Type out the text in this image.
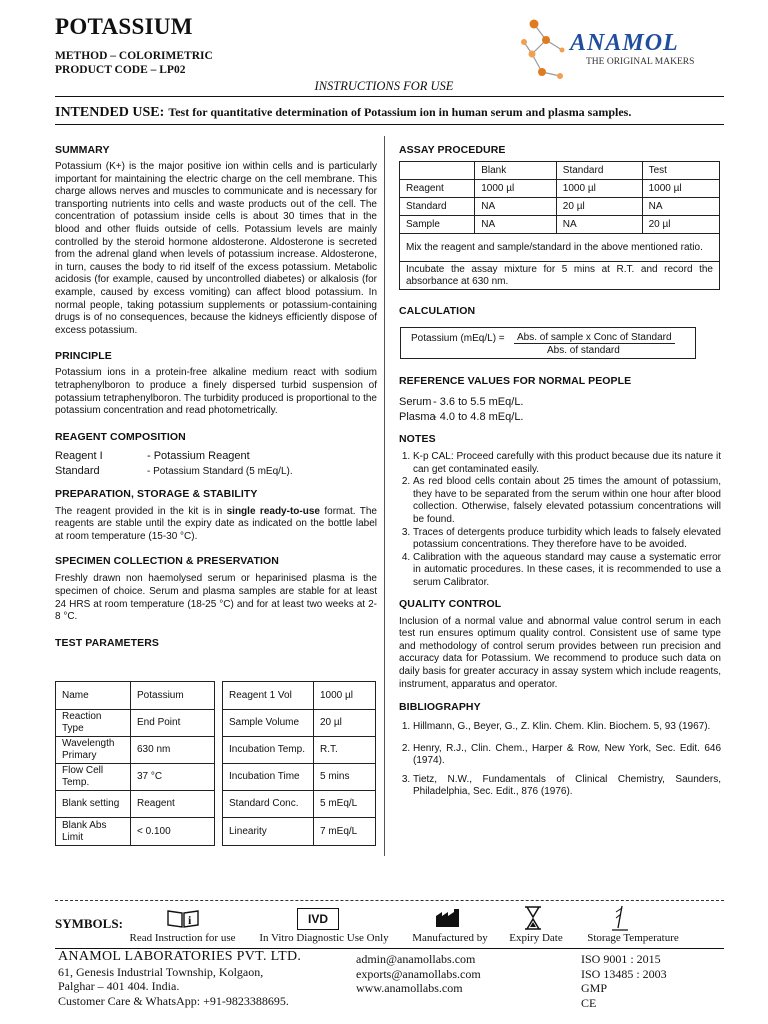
POTASSIUM
METHOD – COLORIMETRIC
PRODUCT CODE – LP02
ANAMOL
THE ORIGINAL MAKERS
INSTRUCTIONS FOR USE
INTENDED USE: Test for quantitative determination of Potassium ion in human serum and plasma samples.
SUMMARY
Potassium (K+) is the major positive ion within cells and is particularly important for maintaining the electric charge on the cell membrane. This charge allows nerves and muscles to communicate and is necessary for transporting nutrients into cells and waste products out of the cell. The concentration of potassium inside cells is about 30 times that in the blood and other fluids outside of cells. Potassium levels are mainly controlled by the steroid hormone aldosterone. Aldosterone is secreted from the adrenal gland when levels of potassium increase. Aldosterone, in turn, causes the body to rid itself of the excess potassium. Metabolic acidosis (for example, caused by uncontrolled diabetes) or alkalosis (for example, caused by excess vomiting) can affect blood potassium. In normal people, taking potassium supplements or potassium-containing drugs is of no consequences, because the kidneys efficiently dispose of excess potassium.
PRINCIPLE
Potassium ions in a protein-free alkaline medium react with sodium tetraphenylboron to produce a finely dispersed turbid suspension of potassium tetraphenylboron. The turbidity produced is proportional to the potassium concentration and read photometrically.
REAGENT COMPOSITION
Reagent I	- Potassium Reagent
Standard	- Potassium Standard (5 mEq/L).
PREPARATION, STORAGE & STABILITY
The reagent provided in the kit is in single ready-to-use format. The reagents are stable until the expiry date as indicated on the bottle label at room temperature (15-30 °C).
SPECIMEN COLLECTION & PRESERVATION
Freshly drawn non haemolysed serum or heparinised plasma is the specimen of choice. Serum and plasma samples are stable for at least 24 HRS at room temperature (18-25 °C) and for at least two weeks at 2-8 °C.
TEST PARAMETERS
Name	Potassium
Reaction Type	End Point
Wavelength Primary	630 nm
Flow Cell Temp.	37 °C
Blank setting	Reagent
Blank Abs Limit	< 0.100
Reagent 1 Vol	1000 µl
Sample Volume	20 µl
Incubation Temp.	R.T.
Incubation Time	5 mins
Standard Conc.	5 mEq/L
Linearity	7 mEq/L
ASSAY PROCEDURE
	Blank	Standard	Test
Reagent	1000 µl	1000 µl	1000 µl
Standard	NA	20 µl	NA
Sample	NA	NA	20 µl
Mix the reagent and sample/standard in the above mentioned ratio.			
Incubate the assay mixture for 5 mins at R.T. and record the absorbance at 630 nm.			
CALCULATION
Potassium (mEq/L) =	Abs. of sample x Conc of Standard
Abs. of standard
REFERENCE VALUES FOR NORMAL PEOPLE
Serum - 3.6 to 5.5 mEq/L.
Plasma- 4.0 to 4.8 mEq/L.
NOTES
1. K-p CAL: Proceed carefully with this product because due its nature it can get contaminated easily.
2. As red blood cells contain about 25 times the amount of potassium, they have to be separated from the serum within one hour after blood collection. Otherwise, falsely elevated potassium concentrations will be found.
3. Traces of detergents produce turbidity which leads to falsely elevated potassium concentrations. They therefore have to be avoided.
4. Calibration with the aqueous standard may cause a systematic error in automatic procedures. In these cases, it is recommended to use a serum Calibrator.
QUALITY CONTROL
Inclusion of a normal value and abnormal value control serum in each test run ensures optimum quality control. Consistent use of same type and methodology of control serum provides between run precision and accuracy data for Potassium. We recommend to produce such data on daily basis for greater accuracy in assay system which include reagents, instrument, apparatus and operator.
BIBLIOGRAPHY
1. Hillmann, G., Beyer, G., Z. Klin. Chem. Klin. Biochem. 5, 93 (1967).
2. Henry, R.J., Clin. Chem., Harper & Row, New York, Sec. Edit. 646 (1974).
3. Tietz, N.W., Fundamentals of Clinical Chemistry, Saunders, Philadelphia, Sec. Edit., 876 (1976).
SYMBOLS:	i	IVD
Read Instruction for use	In Vitro Diagnostic Use Only	Manufactured by	Expiry Date	Storage Temperature
ANAMOL LABORATORIES PVT. LTD.
61, Genesis Industrial Township, Kolgaon,
Palghar – 401 404. India.
Customer Care & WhatsApp: +91-9823388695.
admin@anamollabs.com
exports@anamollabs.com
www.anamollabs.com
ISO 9001 : 2015
ISO 13485 : 2003
GMP
CE
